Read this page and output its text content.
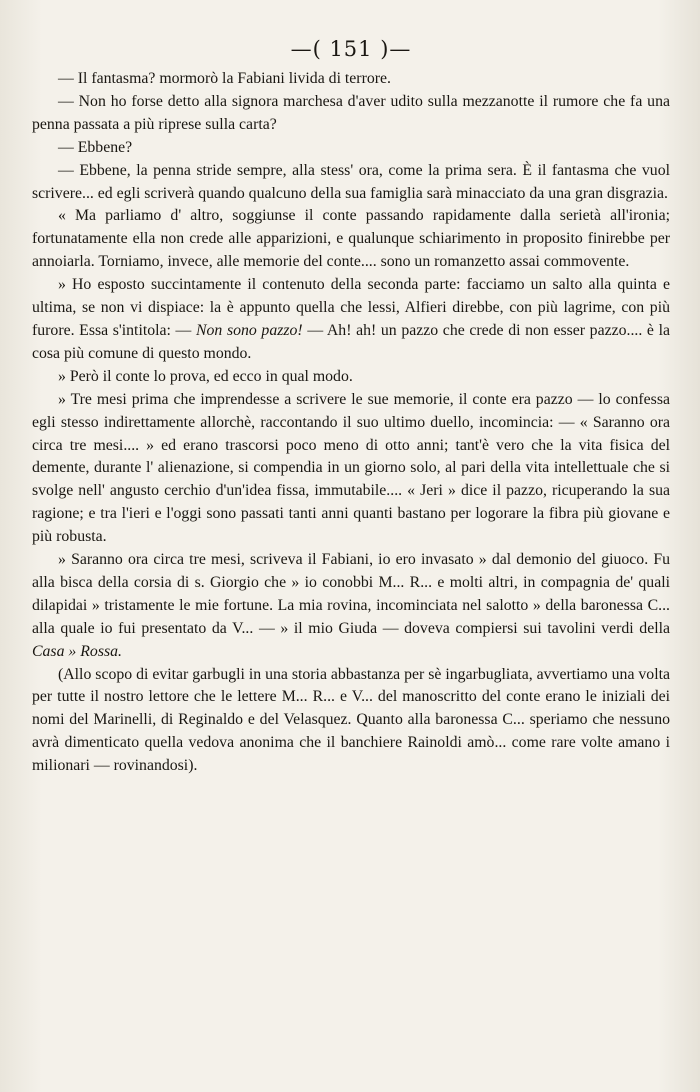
—( 151 )—

— Il fantasma? mormorò la Fabiani livida di terrore.

— Non ho forse detto alla signora marchesa d'aver udito sulla mezzanotte il rumore che fa una penna passata a più riprese sulla carta?

— Ebbene?

— Ebbene, la penna stride sempre, alla stess' ora, come la prima sera. È il fantasma che vuol scrivere... ed egli scriverà quando qualcuno della sua famiglia sarà minacciato da una gran disgrazia.

« Ma parliamo d' altro, soggiunse il conte passando rapidamente dalla serietà all'ironia; fortunatamente ella non crede alle apparizioni, e qualunque schiarimento in proposito finirebbe per annoiarla. Torniamo, invece, alle memorie del conte.... sono un romanzetto assai commovente.

» Ho esposto succintamente il contenuto della seconda parte: facciamo un salto alla quinta e ultima, se non vi dispiace: la è appunto quella che lessi, Alfieri direbbe, con più lagrime, con più furore. Essa s'intitola: — Non sono pazzo! — Ah! ah! un pazzo che crede di non esser pazzo.... è la cosa più comune di questo mondo.

» Però il conte lo prova, ed ecco in qual modo.

» Tre mesi prima che imprendesse a scrivere le sue memorie, il conte era pazzo — lo confessa egli stesso indirettamente allorchè, raccontando il suo ultimo duello, incomincia: — « Saranno ora circa tre mesi.... » ed erano trascorsi poco meno di otto anni; tant'è vero che la vita fisica del demente, durante l' alienazione, si compendia in un giorno solo, al pari della vita intellettuale che si svolge nell' angusto cerchio d'un'idea fissa, immutabile.... « Jeri » dice il pazzo, ricuperando la sua ragione; e tra l'ieri e l'oggi sono passati tanti anni quanti bastano per logorare la fibra più giovane e più robusta.

» Saranno ora circa tre mesi, scriveva il Fabiani, io ero invasato » dal demonio del giuoco. Fu alla bisca della corsia di s. Giorgio che » io conobbi M... R... e molti altri, in compagnia de' quali dilapidai » tristamente le mie fortune. La mia rovina, incominciata nel salotto » della baronessa C... alla quale io fui presentato da V... — » il mio Giuda — doveva compiersi sui tavolini verdi della Casa » Rossa.

(Allo scopo di evitar garbugli in una storia abbastanza per sè ingarbugliata, avvertiamo una volta per tutte il nostro lettore che le lettere M... R... e V... del manoscritto del conte erano le iniziali dei nomi del Marinelli, di Reginaldo e del Velasquez. Quanto alla baronessa C... speriamo che nessuno avrà dimenticato quella vedova anonima che il banchiere Rainoldi amò... come rare volte amano i milionari — rovinandosi).
